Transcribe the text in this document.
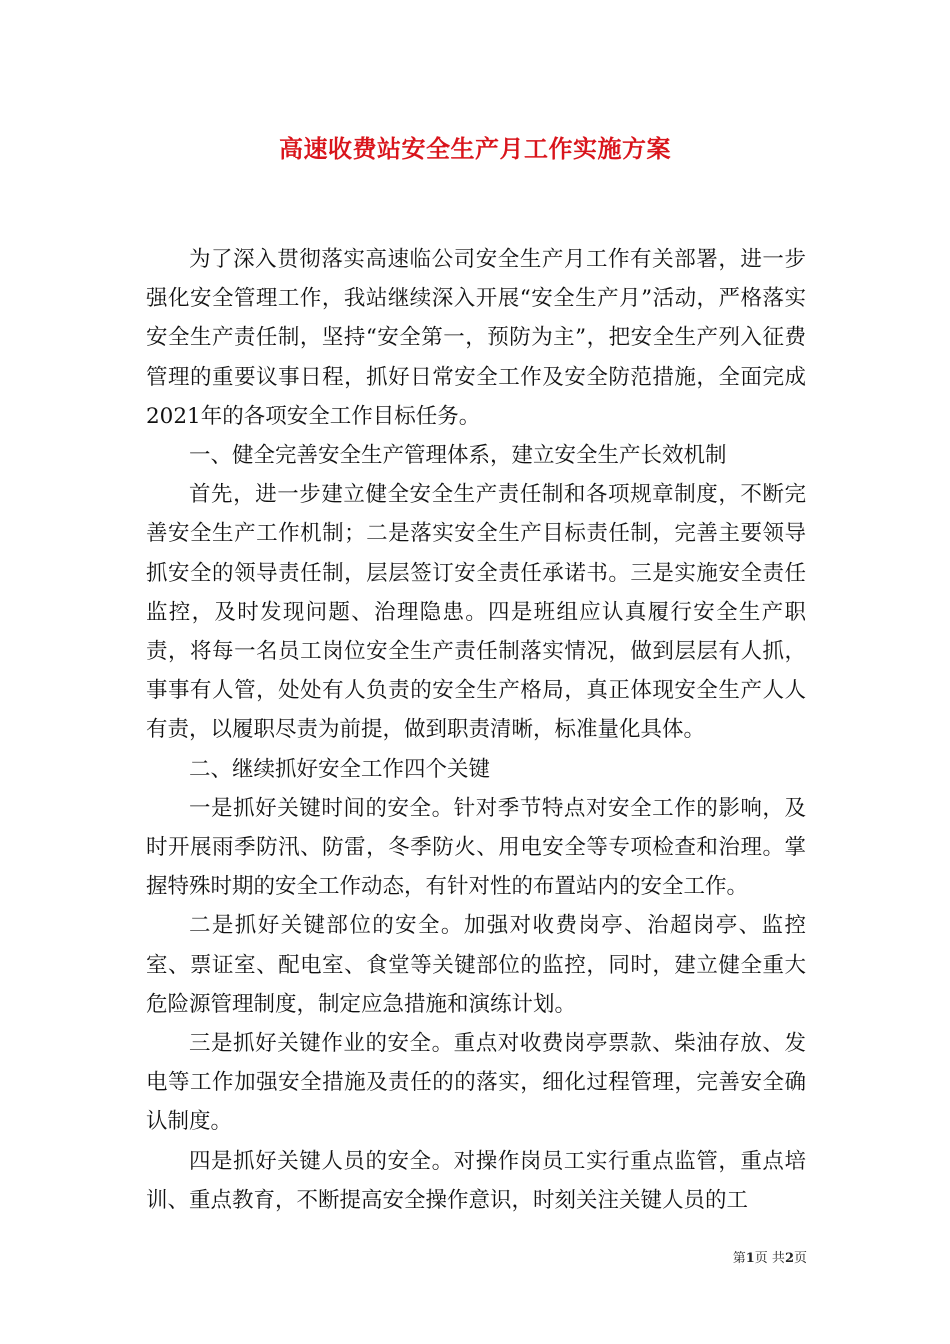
高速收费站安全生产月工作实施方案

为了深入贯彻落实高速临公司安全生产月工作有关部署，进一步强化安全管理工作，我站继续深入开展“安全生产月”活动，严格落实安全生产责任制，坚持“安全第一，预防为主”，把安全生产列入征费管理的重要议事日程，抓好日常安全工作及安全防范措施，全面完成2021年的各项安全工作目标任务。

一、健全完善安全生产管理体系，建立安全生产长效机制

首先，进一步建立健全安全生产责任制和各项规章制度，不断完善安全生产工作机制；二是落实安全生产目标责任制，完善主要领导抓安全的领导责任制，层层签订安全责任承诺书。三是实施安全责任监控，及时发现问题、治理隐患。四是班组应认真履行安全生产职责，将每一名员工岗位安全生产责任制落实情况，做到层层有人抓，事事有人管，处处有人负责的安全生产格局，真正体现安全生产人人有责，以履职尽责为前提，做到职责清晰，标准量化具体。

二、继续抓好安全工作四个关键

一是抓好关键时间的安全。针对季节特点对安全工作的影响，及时开展雨季防汛、防雷，冬季防火、用电安全等专项检查和治理。掌握特殊时期的安全工作动态，有针对性的布置站内的安全工作。

二是抓好关键部位的安全。加强对收费岗亭、治超岗亭、监控室、票证室、配电室、食堂等关键部位的监控，同时，建立健全重大危险源管理制度，制定应急措施和演练计划。

三是抓好关键作业的安全。重点对收费岗亭票款、柴油存放、发电等工作加强安全措施及责任的的落实，细化过程管理，完善安全确认制度。

四是抓好关键人员的安全。对操作岗员工实行重点监管，重点培训、重点教育，不断提高安全操作意识，时刻关注关键人员的工

第1页 共2页
